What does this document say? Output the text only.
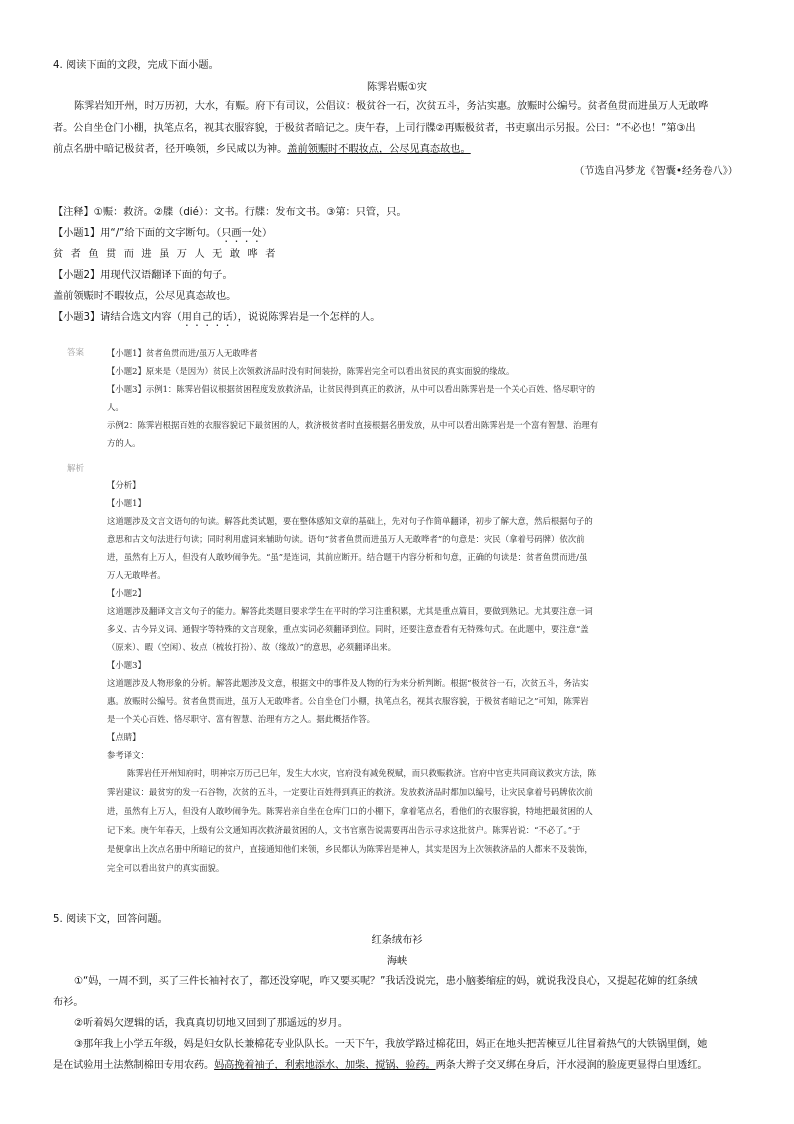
4. 阅读下面的文段，完成下面小题。
陈霁岩赈①灾
陈霁岩知开州，时万历初，大水，有赈。府下有司议，公倡议：极贫谷一石，次贫五斗，务沾实惠。放赈时公编号。贫者鱼贯而进虽万人无敢哗
者。公自坐仓门小棚，执笔点名，视其衣服容貌，于极贫者暗记之。庚午春，上司行牒②再赈极贫者，书吏禀出示另报。公曰：“不必也！”第③出
前点名册中暗记极贫者，径开唤领，乡民咸以为神。盖前领赈时不暇妆点，公尽见真态故也。
（节选自冯梦龙《智囊•经务卷八》）
【注释】①赈：救济。②牒（dié）：文书。行牒：发布文书。③第：只管，只。
【小题1】用“/”给下面的文字断句。（只画一处）
贫者鱼贯而进虽万人无敢哗者
【小题2】用现代汉语翻译下面的句子。
盖前领赈时不暇妆点，公尽见真态故也。
【小题3】请结合选文内容（用自己的话），说说陈霁岩是一个怎样的人。
答案	【小题1】贫者鱼贯而进/虽万人无敢哗者
【小题2】原来是（是因为）贫民上次领救济品时没有时间装扮，陈霁岩完全可以看出贫民的真实面貌的缘故。
【小题3】示例1：陈霁岩倡议根据贫困程度发放救济品，让贫民得到真正的救济，从中可以看出陈霁岩是一个关心百姓、恪尽职守的
人。
示例2：陈霁岩根据百姓的衣服容貌记下最贫困的人，救济极贫者时直接根据名册发放，从中可以看出陈霁岩是一个富有智慧、治理有
方的人。
解析
【分析】
【小题1】
这道题涉及文言文语句的句读。解答此类试题，要在整体感知文章的基础上，先对句子作简单翻译，初步了解大意，然后根据句子的
意思和古文句法进行句读；同时利用虚词来辅助句读。语句“贫者鱼贯而进虽万人无敢哗者”的句意是：灾民（拿着号码牌）依次前
进，虽然有上万人，但没有人敢吵闹争先。“虽”是连词，其前应断开。结合题干内容分析和句意，正确的句读是：贫者鱼贯而进/虽
万人无敢哗者。
【小题2】
这道题涉及翻译文言文句子的能力。解答此类题目要求学生在平时的学习注重积累，尤其是重点篇目，要做到熟记。尤其要注意一词
多义、古今异义词、通假字等特殊的文言现象，重点实词必须翻译到位。同时，还要注意查看有无特殊句式。在此题中，要注意“盖
（原来）、暇（空闲）、妆点（梳妆打扮）、故（缘故）”的意思，必须翻译出来。
【小题3】
这道题涉及人物形象的分析。解答此题涉及文意，根据文中的事件及人物的行为来分析判断。根据“极贫谷一石，次贫五斗，务沾实
惠。放赈时公编号。贫者鱼贯而进，虽万人无敢哗者。公自坐仓门小棚，执笔点名，视其衣服容貌，于极贫者暗记之”可知，陈霁岩
是一个关心百姓、恪尽职守、富有智慧、治理有方之人。据此概括作答。
【点睛】
参考译文：
陈霁岩任开州知府时，明神宗万历己巳年，发生大水灾，官府没有减免税赋，而只救赈救济。官府中官吏共同商议救灾方法，陈
霁岩建议：最贫穷的发一石谷物，次贫的五斗，一定要让百姓得到真正的救济。发放救济品时都加以编号，让灾民拿着号码牌依次前
进，虽然有上万人，但没有人敢吵闹争先。陈霁岩亲自坐在仓库门口的小棚下，拿着笔点名，看他们的衣服容貌，特地把最贫困的人
记下来。庚午年春天，上级有公文通知再次救济最贫困的人，文书官禀告说需要再出告示寻求这批贫户。陈霁岩说：“不必了。”于
是便拿出上次点名册中所暗记的贫户，直接通知他们来领，乡民都认为陈霁岩是神人，其实是因为上次领救济品的人都来不及装饰，
完全可以看出贫户的真实面貌。
5. 阅读下文，回答问题。
红条绒布衫
海峡
①“妈，一周不到，买了三件长袖衬衣了，都还没穿呢，咋又要买呢？”我话没说完，患小脑萎缩症的妈，就说我没良心，又提起花婶的红条绒
布衫。
②听着妈欠逻辑的话，我真真切切地又回到了那遥远的岁月。
③那年我上小学五年级，妈是妇女队长兼棉花专业队队长。一天下午，我放学路过棉花田，妈正在地头把苦楝豆儿往冒着热气的大铁锅里倒，她
是在试验用土法熬制棉田专用农药。妈高挽着袖子，利索地添水、加柴、搅锅、验药。两条大辫子交叉绑在身后，汗水浸润的脸庞更显得白里透红。
